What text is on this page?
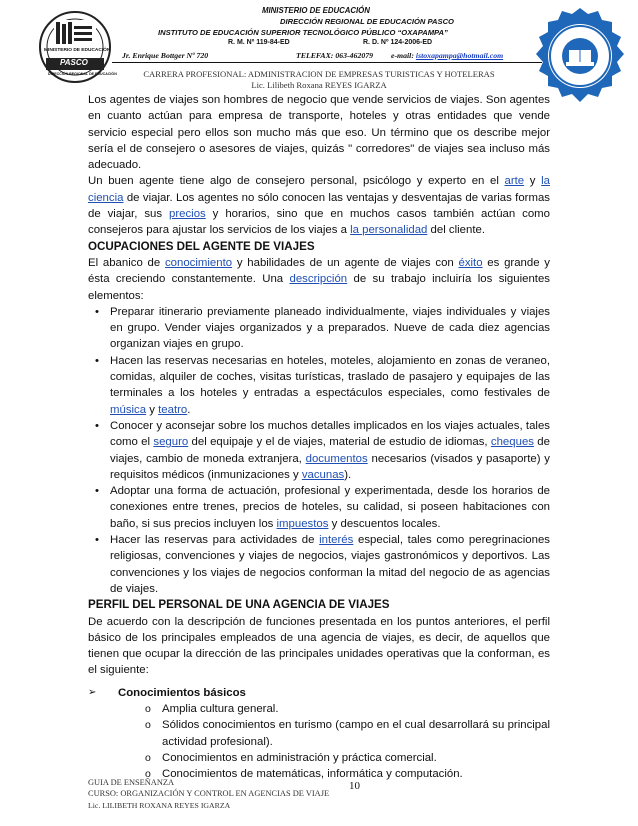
MINISTERIO DE EDUCACIÓN
PASCO
DIRECCIÓN REGIONAL DE EDUCACIÓN
MINISTERIO DE EDUCACIÓN
DIRECCIÓN REGIONAL DE EDUCACIÓN PASCO
INSTITUTO DE EDUCACIÓN SUPERIOR TECNOLÓGICO PÚBLICO “OXAPAMPA”
R. M. Nº 119-84-ED	R. D. Nº 124-2006-ED
Jr. Enrique Bottger Nº 720	TELEFAX: 063-462079 e-mail: istoxapampa@hotmail.com
CARRERA PROFESIONAL: ADMINISTRACION DE EMPRESAS TURISTICAS Y HOTELERAS
Lic. Lilibeth Roxana REYES IGARZA

Los agentes de viajes son hombres de negocio que vende servicios de viajes. Son agentes en cuanto actúan para empresa de transporte, hoteles y otras entidades que vende servicio especial pero ellos son mucho más que eso. Un término que os describe mejor sería el de consejero o asesores de viajes, quizás " corredores" de viajes sea incluso más adecuado.

Un buen agente tiene algo de consejero personal, psicólogo y experto en el arte y la ciencia de viajar. Los agentes no sólo conocen las ventajas y desventajas de varias formas de viajar, sus precios y horarios, sino que en muchos casos también actúan como consejeros para ajustar los servicios de los viajes a la personalidad del cliente.

OCUPACIONES DEL AGENTE DE VIAJES

El abanico de conocimiento y habilidades de un agente de viajes con éxito es grande y ésta creciendo constantemente. Una descripción de su trabajo incluiría los siguientes elementos:

• Preparar itinerario previamente planeado individualmente, viajes individuales y viajes en grupo. Vender viajes organizados y a preparados. Nueve de cada diez agencias organizan viajes en grupo.
• Hacen las reservas necesarias en hoteles, moteles, alojamiento en zonas de veraneo, comidas, alquiler de coches, visitas turísticas, traslado de pasajero y equipajes de las terminales a los hoteles y entradas a espectáculos especiales, como festivales de música y teatro.
• Conocer y aconsejar sobre los muchos detalles implicados en los viajes actuales, tales como el seguro del equipaje y el de viajes, material de estudio de idiomas, cheques de viajes, cambio de moneda extranjera, documentos necesarios (visados y pasaporte) y requisitos médicos (inmunizaciones y vacunas).
• Adoptar una forma de actuación, profesional y experimentada, desde los horarios de conexiones entre trenes, precios de hoteles, su calidad, si poseen habitaciones con baño, si sus precios incluyen los impuestos y descuentos locales.
• Hacer las reservas para actividades de interés especial, tales como peregrinaciones religiosas, convenciones y viajes de negocios, viajes gastronómicos y deportivos. Las convenciones y los viajes de negocios conforman la mitad del negocio de as agencias de viajes.
PERFIL DEL PERSONAL DE UNA AGENCIA DE VIAJES

De acuerdo con la descripción de funciones presentada en los puntos anteriores, el perfil básico de los principales empleados de una agencia de viajes, es decir, de aquellos que tienen que ocupar la dirección de las principales unidades operativas que la conforman, es el siguiente:

➢ Conocimientos básicos
o Amplia cultura general.
o Sólidos conocimientos en turismo (campo en el cual desarrollará su principal actividad profesional).
o Conocimientos en administración y práctica comercial.
o Conocimientos de matemáticas, informática y computación.
GUIA DE ENSEÑANZA
CURSO: ORGANIZACIÓN Y CONTROL EN AGENCIAS DE VIAJE
Lic. LILIBETH ROXANA REYES IGARZA
10
